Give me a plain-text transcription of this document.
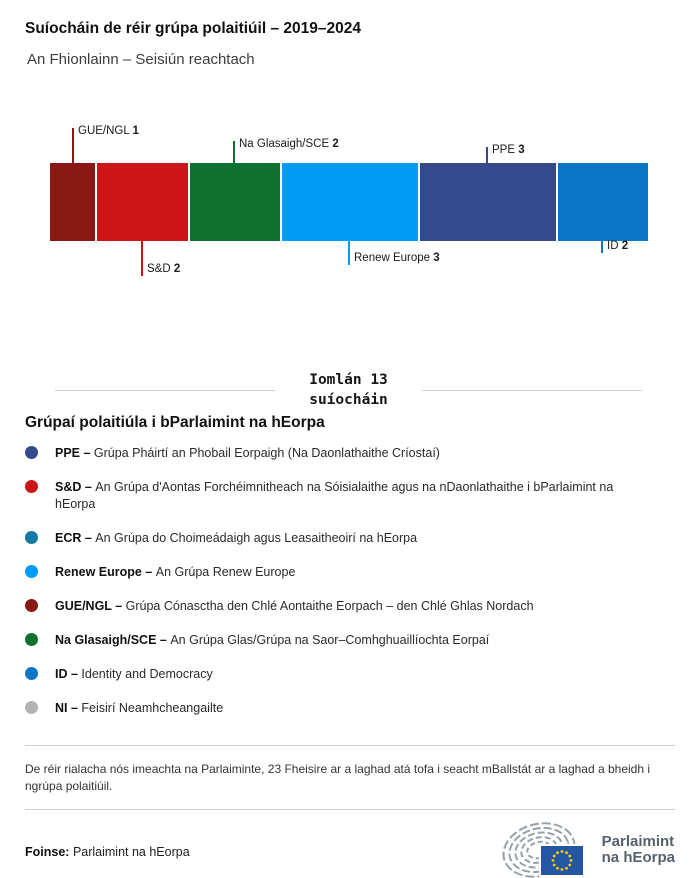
Suíocháin de réir grúpa polaitiúil – 2019–2024
An Fhionlainn – Seisiún reachtach
GUE/NGL 1
S&D 2
Na Glasaigh/SCE 2
Renew Europe 3
PPE 3
ID 2
Iomlán 13
suíocháin
Grúpaí polaitiúla i bParlaimint na hEorpa
PPE – Grúpa Pháirtí an Phobail Eorpaigh (Na Daonlathaithe Críostaí)
S&D – An Grúpa d'Aontas Forchéimnitheach na Sóisialaithe agus na nDaonlathaithe i bParlaimint na hEorpa
ECR – An Grúpa do Choimeádaigh agus Leasaitheoirí na hEorpa
Renew Europe – An Grúpa Renew Europe
GUE/NGL – Grúpa Cónasctha den Chlé Aontaithe Eorpach – den Chlé Ghlas Nordach
Na Glasaigh/SCE – An Grúpa Glas/Grúpa na Saor–Comhghuaillíochta Eorpaí
ID – Identity and Democracy
NI – Feisirí Neamhcheangailte

De réir rialacha nós imeachta na Parlaiminte, 23 Fheisire ar a laghad atá tofa i seacht mBallstát ar a laghad a bheidh i ngrúpa polaitiúil.

Foinse: Parlaimint na hEorpa

Parlaimint
na hEorpa
